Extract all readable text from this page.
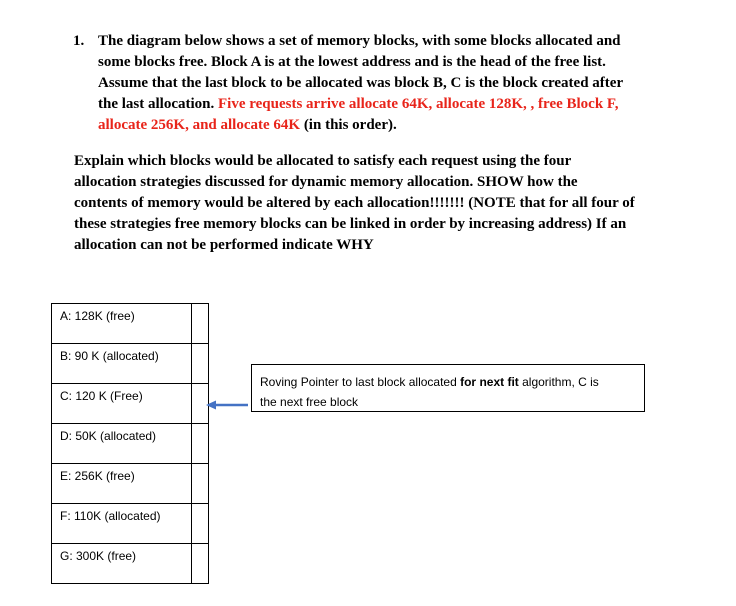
1. The diagram below shows a set of memory blocks, with some blocks allocated and
some blocks free. Block A is at the lowest address and is the head of the free list.
Assume that the last block to be allocated was block B, C is the block created after
the last allocation. Five requests arrive allocate 64K, allocate 128K, , free Block F,
allocate 256K, and allocate 64K (in this order).
Explain which blocks would be allocated to satisfy each request using the four
allocation strategies discussed for dynamic memory allocation. SHOW how the
contents of memory would be altered by each allocation!!!!!!! (NOTE that for all four of
these strategies free memory blocks can be linked in order by increasing address) If an
allocation can not be performed indicate WHY
A: 128K (free)	
B: 90 K (allocated)	
C: 120 K (Free)	
D: 50K (allocated)	
E: 256K (free)	
F: 110K (allocated)	
G: 300K (free)	
Roving Pointer to last block allocated for next fit algorithm, C is
the next free block
